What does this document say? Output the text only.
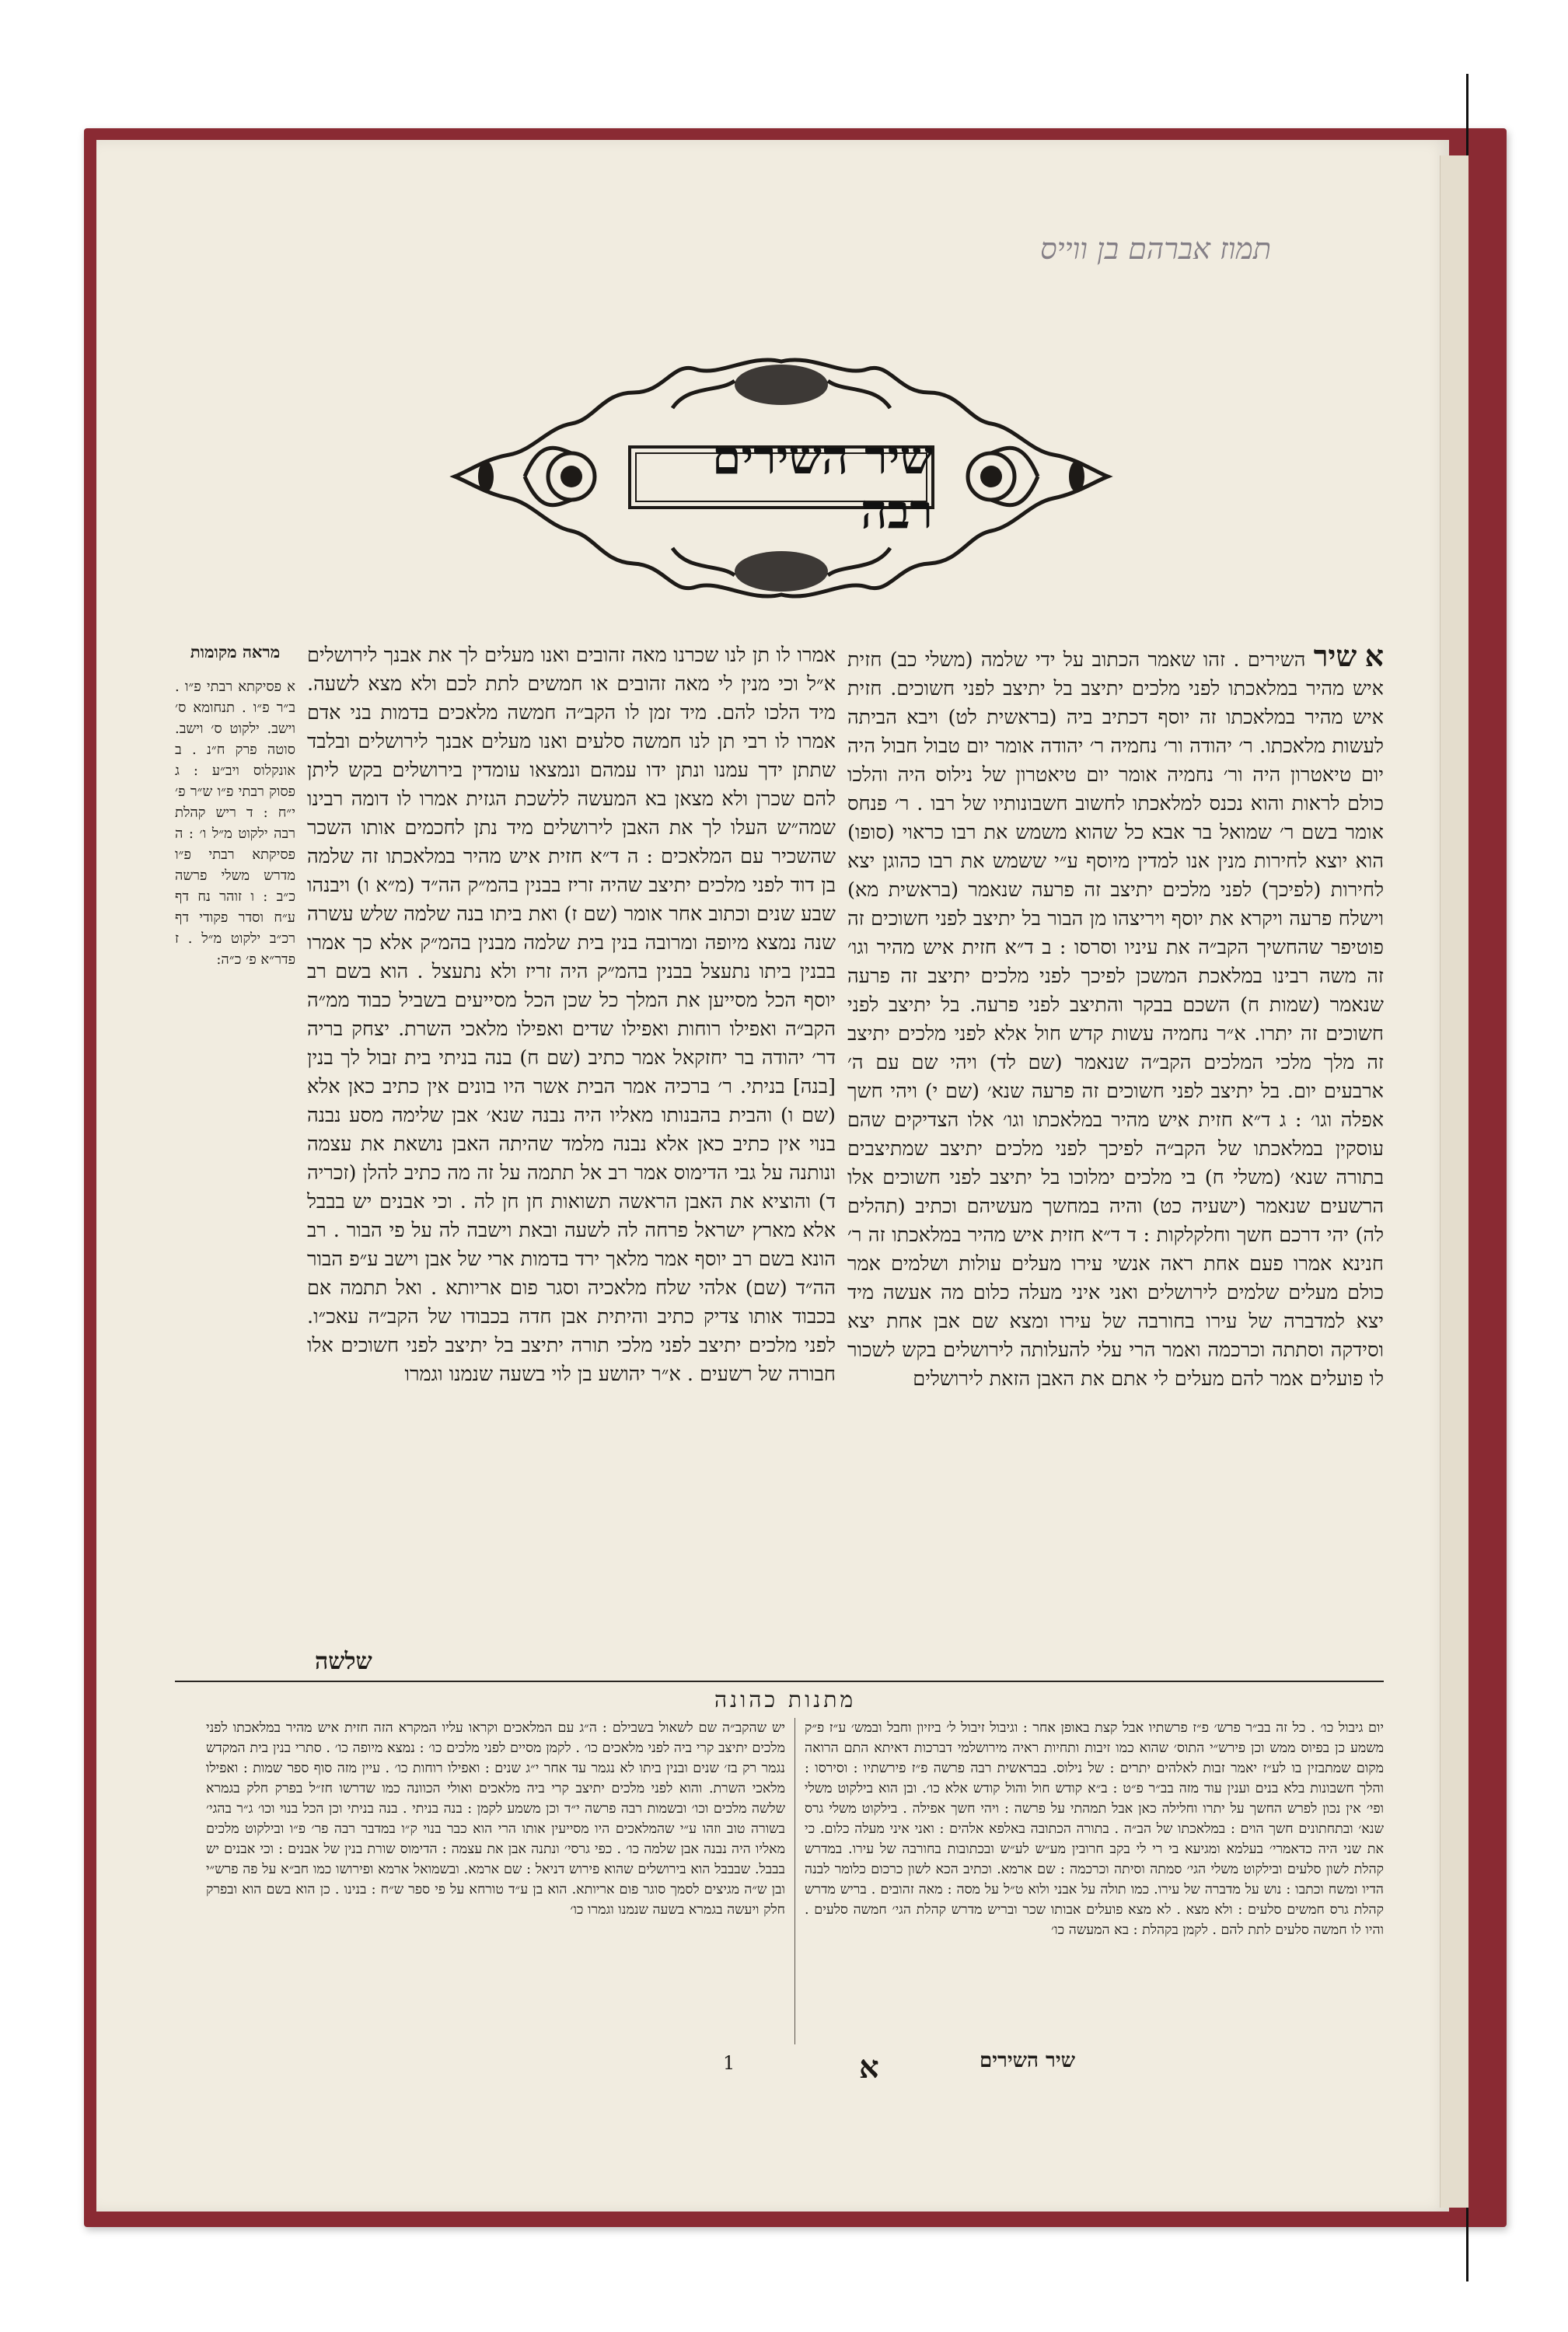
תמוז אברהם בן ווייס
שיר השירים רבה
מראה מקומות
א פסיקתא רבתי פ״ו . ב״ר פ״ו . תנחומא ס׳ וישב. ילקוט ס׳ וישב. סוטה פרק ח״נ . ב אונקלוס ויב״ע : ג פסוק רבתי פ״ו ש״ר פ׳ י״ח : ד ריש קהלת רבה ילקוט מ״ל ו׳ : ה פסיקתא רבתי פ״ו מדרש משלי פרשה כ״ב : ו זוהר נח דף ע״ח וסדר פקודי דף רכ״ב ילקוט מ״ל . ז פדר״א פ׳ כ״ה:
א שיר השירים . זהו שאמר הכתוב על ידי שלמה (משלי כב) חזית איש מהיר במלאכתו לפני מלכים יתיצב בל יתיצב לפני חשוכים. חזית איש מהיר במלאכתו זה יוסף דכתיב ביה (בראשית לט) ויבא הביתה לעשות מלאכתו. ר׳ יהודה ור׳ נחמיה ר׳ יהודה אומר יום טבול חבול היה יום טיאטרון היה ור׳ נחמיה אומר יום טיאטרון של נילוס היה והלכו כולם לראות והוא נכנס למלאכתו לחשוב חשבונותיו של רבו . ר׳ פנחס אומר בשם ר׳ שמואל בר אבא כל שהוא משמש את רבו כראוי (סופו) הוא יוצא לחירות מנין אנו למדין מיוסף ע״י ששמש את רבו כהוגן יצא לחירות (לפיכך) לפני מלכים יתיצב זה פרעה שנאמר (בראשית מא) וישלח פרעה ויקרא את יוסף ויריצהו מן הבור בל יתיצב לפני חשוכים זה פוטיפר שהחשיך הקב״ה את עיניו וסרסו : ב ד״א חזית איש מהיר וגו׳ זה משה רבינו במלאכת המשכן לפיכך לפני מלכים יתיצב זה פרעה שנאמר (שמות ח) השכם בבקר והתיצב לפני פרעה. בל יתיצב לפני חשוכים זה יתרו. א״ר נחמיה עשות קדש חול אלא לפני מלכים יתיצב זה מלך מלכי המלכים הקב״ה שנאמר (שם לד) ויהי שם עם ה׳ ארבעים יום. בל יתיצב לפני חשוכים זה פרעה שנא׳ (שם י) ויהי חשך אפלה וגו׳ : ג ד״א חזית איש מהיר במלאכתו וגו׳ אלו הצדיקים שהם עוסקין במלאכתו של הקב״ה לפיכך לפני מלכים יתיצב שמתיצבים בתורה שנא׳ (משלי ח) בי מלכים ימלוכו בל יתיצב לפני חשוכים אלו הרשעים שנאמר (ישעיה כט) והיה במחשך מעשיהם וכתיב (תהלים לה) יהי דרכם חשך וחלקלקות : ד ד״א חזית איש מהיר במלאכתו זה ר׳ חנינא אמרו פעם אחת ראה אנשי עירו מעלים עולות ושלמים אמר כולם מעלים שלמים לירושלים ואני איני מעלה כלום מה אעשה מיד יצא למדברה של עירו בחורבה של עירו ומצא שם אבן אחת יצא וסידקה וסתתה וכרכמה ואמר הרי עלי להעלותה לירושלים בקש לשכור לו פועלים אמר להם מעלים לי אתם את האבן הזאת לירושלים
אמרו לו תן לנו שכרנו מאה זהובים ואנו מעלים לך את אבנך לירושלים א״ל וכי מנין לי מאה זהובים או חמשים לתת לכם ולא מצא לשעה. מיד הלכו להם. מיד זמן לו הקב״ה חמשה מלאכים בדמות בני אדם אמרו לו רבי תן לנו חמשה סלעים ואנו מעלים אבנך לירושלים ובלבד שתתן ידך עמנו ונתן ידו עמהם ונמצאו עומדין בירושלים בקש ליתן להם שכרן ולא מצאן בא המעשה ללשכת הגזית אמרו לו דומה רבינו שמה״ש העלו לך את האבן לירושלים מיד נתן לחכמים אותו השכר שהשכיר עם המלאכים : ה ד״א חזית איש מהיר במלאכתו זה שלמה בן דוד לפני מלכים יתיצב שהיה זריז בבנין בהמ״ק הה״ד (מ״א ו) ויבנהו שבע שנים וכתוב אחר אומר (שם ז) ואת ביתו בנה שלמה שלש עשרה שנה נמצא מיופה ומרובה בנין בית שלמה מבנין בהמ״ק אלא כך אמרו בבנין ביתו נתעצל בבנין בהמ״ק היה זריז ולא נתעצל . הוא בשם רב יוסף הכל מסייען את המלך כל שכן הכל מסייעים בשביל כבוד ממ״ה הקב״ה ואפילו רוחות ואפילו שדים ואפילו מלאכי השרת. יצחק בריה דר׳ יהודה בר יחזקאל אמר כתיב (שם ח) בנה בניתי בית זבול לך בנין [בנה] בניתי. ר׳ ברכיה אמר הבית אשר היו בונים אין כתיב כאן אלא (שם ו) והבית בהבנותו מאליו היה נבנה שנא׳ אבן שלימה מסע נבנה בנוי אין כתיב כאן אלא נבנה מלמד שהיתה האבן נושאת את עצמה ונותנה על גבי הדימוס אמר רב אל תתמה על זה מה כתיב להלן (זכריה ד) והוציא את האבן הראשה תשואות חן חן לה . וכי אבנים יש בבבל אלא מארץ ישראל פרחה לה לשעה ובאת וישבה לה על פי הבור . רב הונא בשם רב יוסף אמר מלאך ירד בדמות ארי של אבן וישב ע״פ הבור הה״ד (שם) אלהי שלח מלאכיה וסגר פום אריותא . ואל תתמה אם בכבוד אותו צדיק כתיב והיתית אבן חדה בכבודו של הקב״ה עאכ״ו. לפני מלכים יתיצב לפני מלכי תורה יתיצב בל יתיצב לפני חשוכים אלו חבורה של רשעים . א״ר יהושע בן לוי בשעה שנמנו וגמרו
שלשה
מתנות כהונה
יום גיבול כו׳ . כל זה בב״ר פרש׳ פ״ז פרשתיו אבל קצת באופן אחר : וגיבול זיבול ל׳ ביזיון וחבל ובמש׳ ע״ז פ״ק משמע כן בפיוס ממש וכן פירש״י התוס׳ שהוא כמו זיבות ותחיות ראיה מירושלמי דברכות דאיתא התם הרואה מקום שמתבזין בו לע״ז יאמר זבות לאלהים יתרים : של נילוס. בבראשית רבה פרשה פ״ז פירשתיו : וסירסו : והלך חשבונות בלא בנים וענין עוד מזה בב״ר פ״ט : ב״א קודש חול והול קודש אלא כו׳. ובן הוא בילקוט משלי ופי׳ אין נכון לפרש החשך על יתרו וחלילה כאן אבל תמהתי על פרשה : ויהי חשך אפילה . בילקוט משלי גרס שנא׳ ובתחתונים חשך הוים : במלאכתו של הב״ה . בתורה הכתובה באלפא אלהים : ואני איני מעלה כלום. כי את שני היה כדאמרי׳ בעלמא ומגיעא בי רי לי בקב חרובין מע״ש לע״ש ובכתובות בחורבה של עירו. במדרש קהלת לשון סלעים ובילקוט משלי הגי׳ סמתה וסיתה וכרכמה : שם ארמא. וכתיב הכא לשון כרכום כלומר לבנה הדיו ומשח וכתבו : נוש על מדברה של עירו. כמו תולה על אבני ולוא ט״ל על מסה : מאה זהובים . בריש מדרש קהלת גרס חמשים סלעים : ולא מצא . לא מצא פועלים אבותו שכר ובריש מדרש קהלת הגי׳ חמשה סלעים . והיו לו חמשה סלעים לתת להם . לקמן בקהלת : בא המעשה כו׳
יש שהקב״ה שם לשאול בשבילם : ה״ג עם המלאכים וקראו עליו המקרא הזה חזית איש מהיר במלאכתו לפני מלכים יתיצב קרי ביה לפני מלאכים כו׳ . לקמן מסיים לפני מלכים כו׳ : נמצא מיופה כו׳ . סתרי בנין בית המקדש נגמר רק בז׳ שנים ובנין ביתו לא נגמר עד אחר י״ג שנים : ואפילו רוחות כו׳ . עיין מזה סוף ספר שמות : ואפילו מלאכי השרת. והוא לפני מלכים יתיצב קרי ביה מלאכים ואולי הכוונה כמו שדרשו חז״ל בפרק חלק בגמרא שלשה מלכים וכו׳ ובשמות רבה פרשה י״ד וכן משמע לקמן : בנה בניתי . בנה בניתי וכן הכל בנוי וכו׳ ג״ר בהגי׳ בשורה טוב וזהו ע״י שהמלאכים היו מסייעין אותו הרי הוא כבר בנוי ק״ו במדבר רבה פר׳ פ״ו ובילקוט מלכים מאליו היה נבנה אבן שלמה כו׳ . כפי גרסי׳ ונתנה אבן את עצמה : הדימוס שורת בנין של אבנים : וכי אבנים יש בבבל. שבבבל הוא בירושלים שהוא פירוש דניאל : שם ארמא. ובשמואל ארמא ופירושו כמו חב״א על פה פרש״י ובן ש״ה מגיצים לסמך סוגר פום אריותא. הוא בן ע״ד טורחא על פי ספר ש״ח : בנינו . כן הוא בשם הוא ובפרק חלק ויעשה בגמרא בשעה שנמנו וגמרו כו׳
שיר השירים
א
1
